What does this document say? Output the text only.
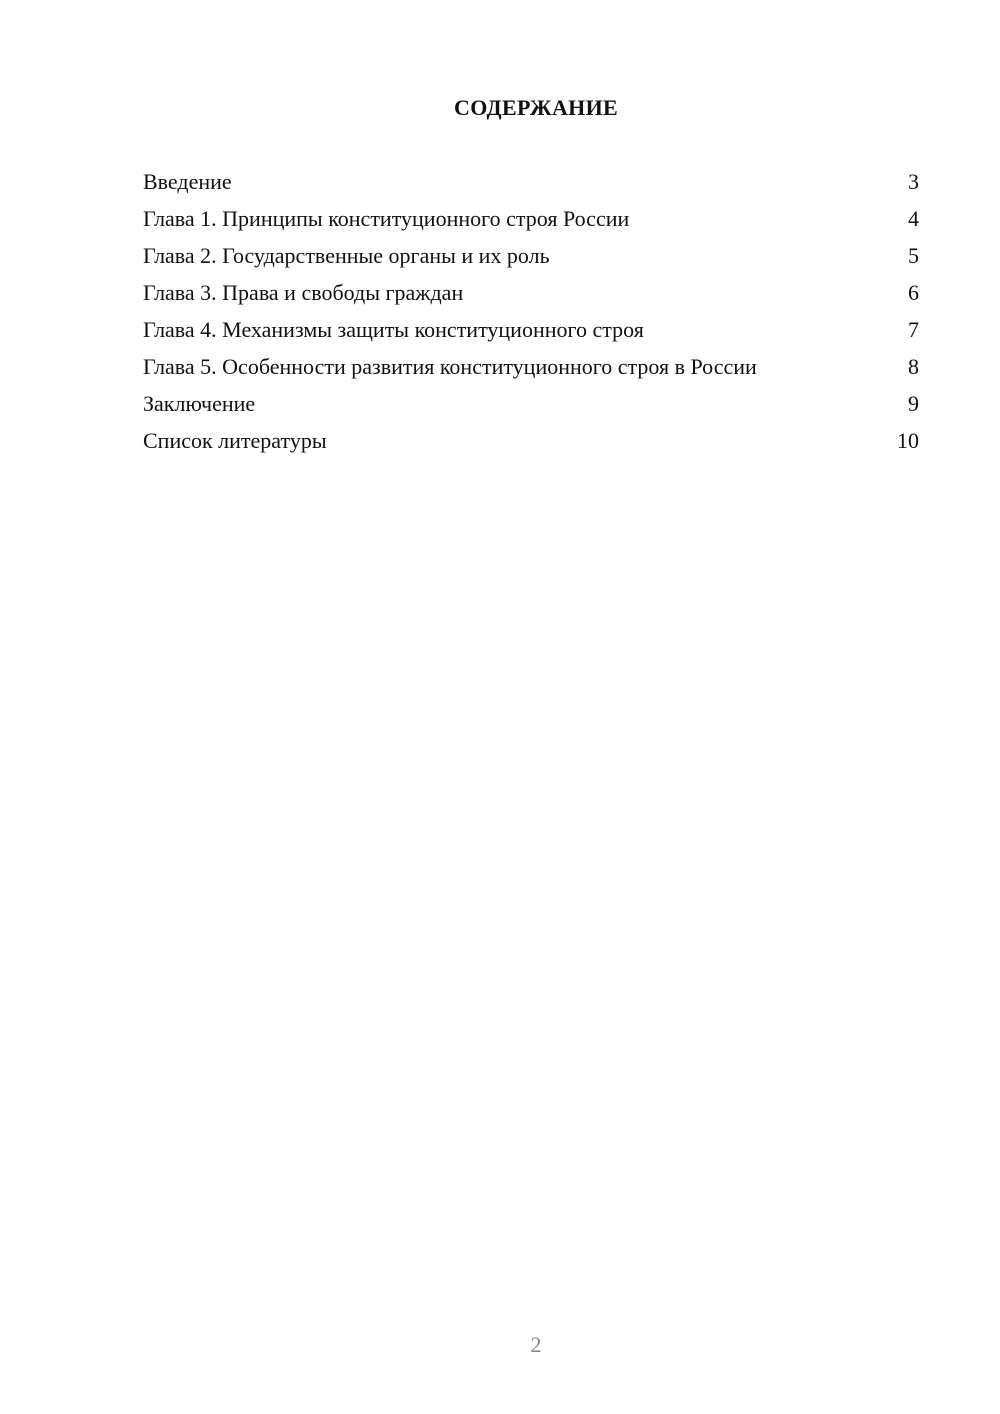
СОДЕРЖАНИЕ
Введение	3
Глава 1. Принципы конституционного строя России	4
Глава 2. Государственные органы и их роль	5
Глава 3. Права и свободы граждан	6
Глава 4. Механизмы защиты конституционного строя	7
Глава 5. Особенности развития конституционного строя в России	8
Заключение	9
Список литературы	10
2
